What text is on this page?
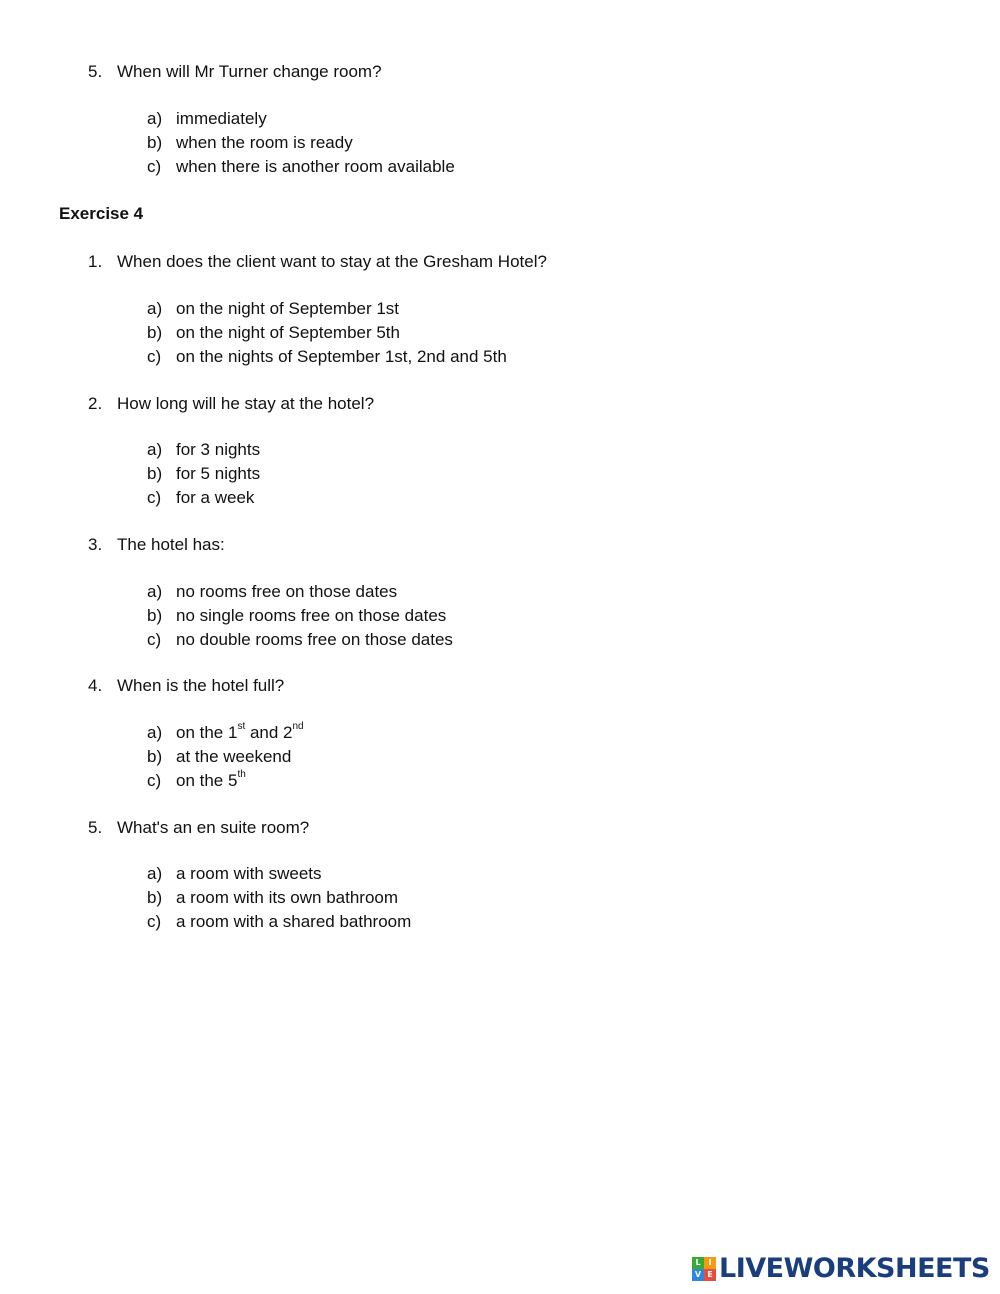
5. When will Mr Turner change room?
a) immediately
b) when the room is ready
c) when there is another room available
Exercise 4
1. When does the client want to stay at the Gresham Hotel?
a) on the night of September 1st
b) on the night of September 5th
c) on the nights of September 1st, 2nd and 5th
2. How long will he stay at the hotel?
a) for 3 nights
b) for 5 nights
c) for a week
3. The hotel has:
a) no rooms free on those dates
b) no single rooms free on those dates
c) no double rooms free on those dates
4. When is the hotel full?
a) on the 1st and 2nd
b) at the weekend
c) on the 5th
5. What's an en suite room?
a) a room with sweets
b) a room with its own bathroom
c) a room with a shared bathroom
L I
V E LIVEWORKSHEETS
